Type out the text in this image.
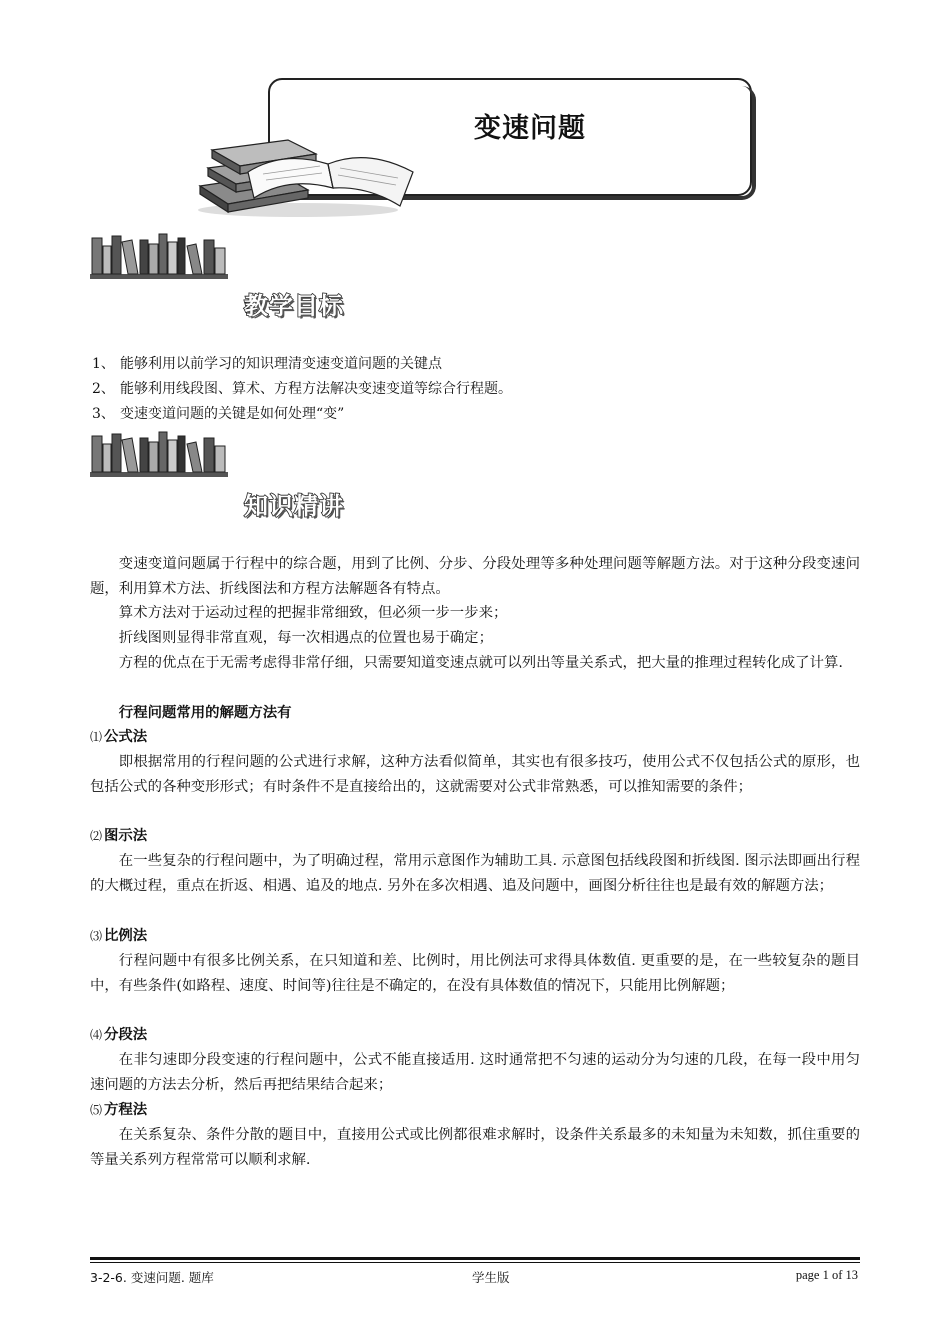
变速问题
教学目标
1、 能够利用以前学习的知识理清变速变道问题的关键点
2、 能够利用线段图、算术、方程方法解决变速变道等综合行程题。
3、 变速变道问题的关键是如何处理“变”
知识精讲
变速变道问题属于行程中的综合题，用到了比例、分步、分段处理等多种处理问题等解题方法。对于这种分段变速问题，利用算术方法、折线图法和方程方法解题各有特点。
算术方法对于运动过程的把握非常细致，但必须一步一步来；
折线图则显得非常直观，每一次相遇点的位置也易于确定；
方程的优点在于无需考虑得非常仔细，只需要知道变速点就可以列出等量关系式，把大量的推理过程转化成了计算.
行程问题常用的解题方法有
⑴ 公式法
即根据常用的行程问题的公式进行求解，这种方法看似简单，其实也有很多技巧，使用公式不仅包括公式的原形，也包括公式的各种变形形式；有时条件不是直接给出的，这就需要对公式非常熟悉，可以推知需要的条件；
⑵ 图示法
在一些复杂的行程问题中，为了明确过程，常用示意图作为辅助工具. 示意图包括线段图和折线图. 图示法即画出行程的大概过程，重点在折返、相遇、追及的地点. 另外在多次相遇、追及问题中，画图分析往往也是最有效的解题方法；
⑶ 比例法
行程问题中有很多比例关系，在只知道和差、比例时，用比例法可求得具体数值. 更重要的是，在一些较复杂的题目中，有些条件(如路程、速度、时间等)往往是不确定的，在没有具体数值的情况下，只能用比例解题；
⑷ 分段法
在非匀速即分段变速的行程问题中，公式不能直接适用. 这时通常把不匀速的运动分为匀速的几段，在每一段中用匀速问题的方法去分析，然后再把结果结合起来；
⑸ 方程法
在关系复杂、条件分散的题目中，直接用公式或比例都很难求解时，设条件关系最多的未知量为未知数，抓住重要的等量关系列方程常常可以顺利求解.
3-2-6. 变速问题. 题库	学生版	page 1 of 13
